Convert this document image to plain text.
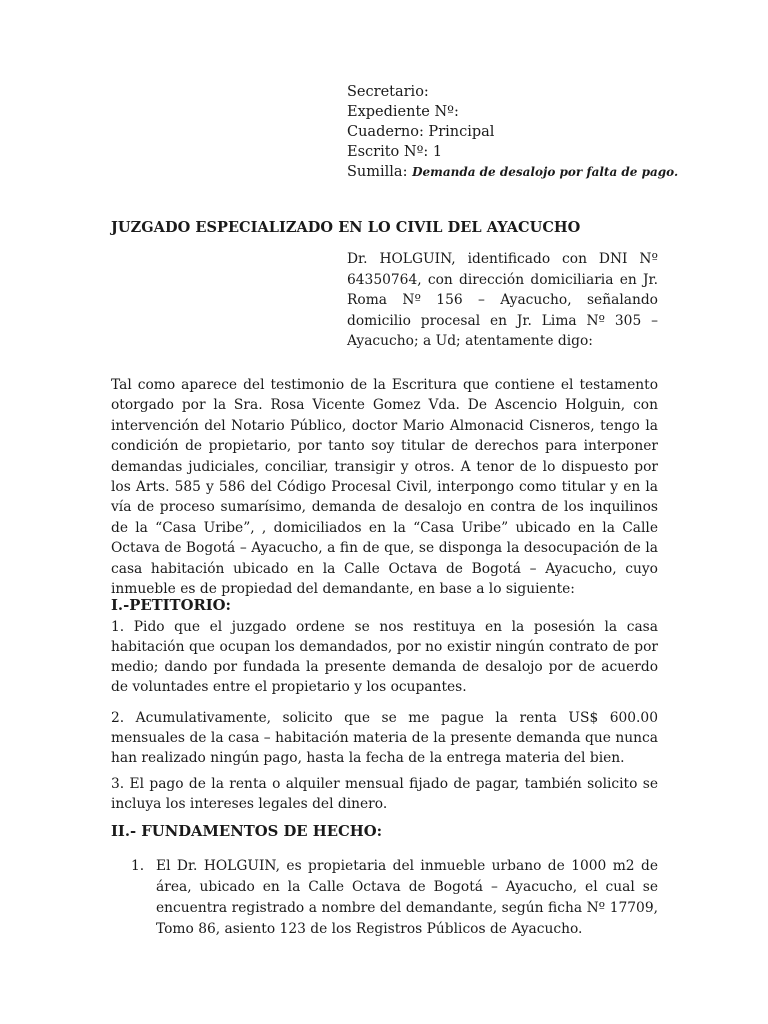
Secretario:
Expediente Nº:
Cuaderno: Principal
Escrito Nº: 1
Sumilla: Demanda de desalojo por falta de pago.
JUZGADO ESPECIALIZADO EN LO CIVIL DEL AYACUCHO
Dr. HOLGUIN, identificado con DNI Nº 64350764, con dirección domiciliaria en Jr. Roma Nº 156 – Ayacucho, señalando domicilio procesal en Jr. Lima Nº 305 – Ayacucho; a Ud; atentamente digo:
Tal como aparece del testimonio de la Escritura que contiene el testamento otorgado por la Sra. Rosa Vicente Gomez Vda. De Ascencio Holguin, con intervención del Notario Público, doctor Mario Almonacid Cisneros, tengo la condición de propietario, por tanto soy titular de derechos para interponer demandas judiciales, conciliar, transigir y otros. A tenor de lo dispuesto por los Arts. 585 y 586 del Código Procesal Civil, interpongo como titular y en la vía de proceso sumarísimo, demanda de desalojo en contra de los inquilinos de la “Casa Uribe”, , domiciliados en la “Casa Uribe” ubicado en la Calle Octava de Bogotá – Ayacucho, a fin de que, se disponga la desocupación de la casa habitación ubicado en la Calle Octava de Bogotá – Ayacucho, cuyo inmueble es de propiedad del demandante, en base a lo siguiente:
I.-PETITORIO:
1. Pido que el juzgado ordene se nos restituya en la posesión la casa habitación que ocupan los demandados, por no existir ningún contrato de por medio; dando por fundada la presente demanda de desalojo por de acuerdo de voluntades entre el propietario y los ocupantes.
2. Acumulativamente, solicito que se me pague la renta US$ 600.00 mensuales de la casa – habitación materia de la presente demanda que nunca han realizado ningún pago, hasta la fecha de la entrega materia del bien.
3. El pago de la renta o alquiler mensual fijado de pagar, también solicito se incluya los intereses legales del dinero.
II.- FUNDAMENTOS DE HECHO:
1. El Dr. HOLGUIN, es propietaria del inmueble urbano de 1000 m2 de área, ubicado en la Calle Octava de Bogotá – Ayacucho, el cual se encuentra registrado a nombre del demandante, según ficha Nº 17709, Tomo 86, asiento 123 de los Registros Públicos de Ayacucho.
